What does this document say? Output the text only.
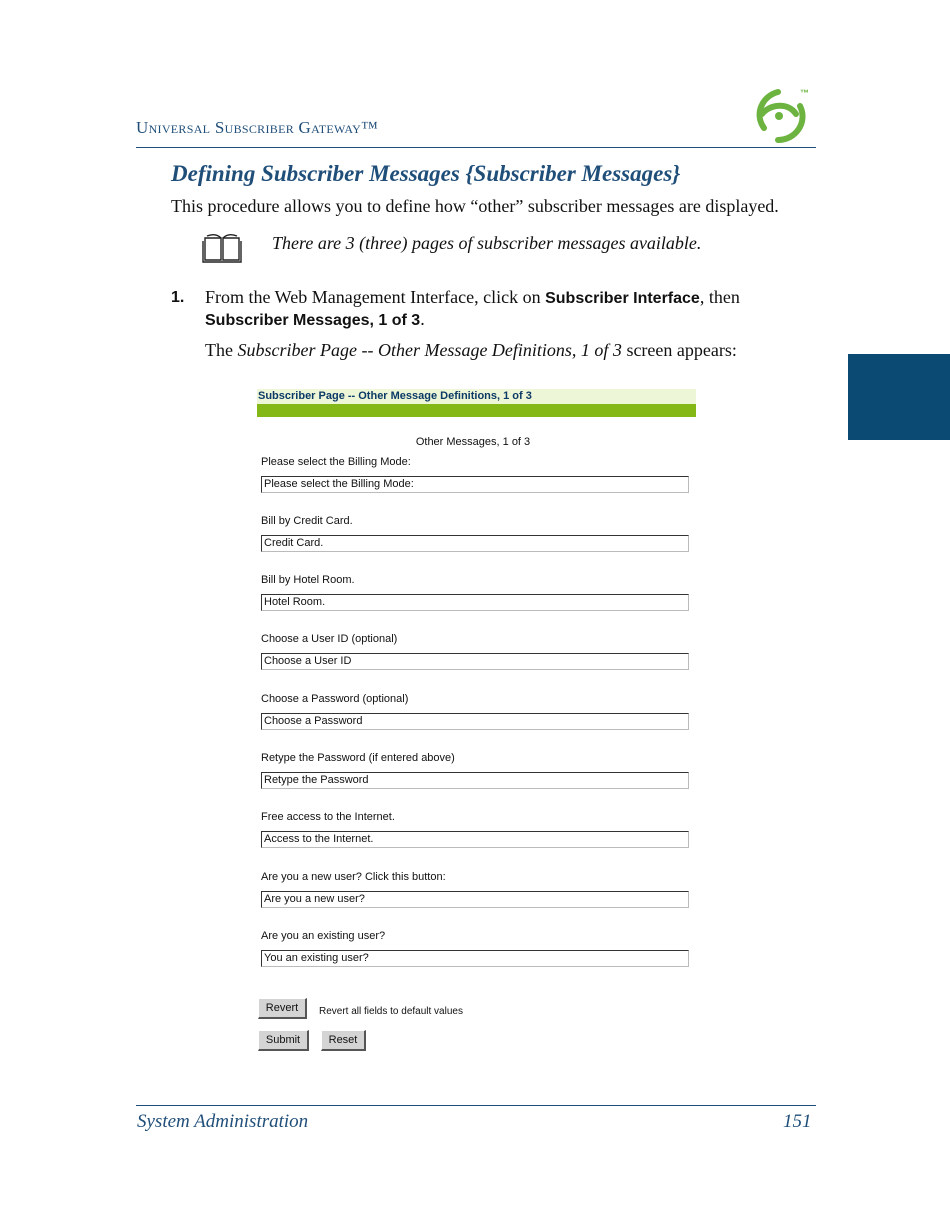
Universal Subscriber Gateway™
™
Defining Subscriber Messages {Subscriber Messages}
This procedure allows you to define how “other” subscriber messages are displayed.
There are 3 (three) pages of subscriber messages available.
1. From the Web Management Interface, click on Subscriber Interface, then
Subscriber Messages, 1 of 3.
The Subscriber Page -- Other Message Definitions, 1 of 3 screen appears:
Subscriber Page -- Other Message Definitions, 1 of 3
Other Messages, 1 of 3
Please select the Billing Mode:
Please select the Billing Mode:
Bill by Credit Card.
Credit Card.
Bill by Hotel Room.
Hotel Room.
Choose a User ID (optional)
Choose a User ID
Choose a Password (optional)
Choose a Password
Retype the Password (if entered above)
Retype the Password
Free access to the Internet.
Access to the Internet.
Are you a new user? Click this button:
Are you a new user?
Are you an existing user?
You an existing user?
Revert	Revert all fields to default values
Submit	Reset
System Administration	151
